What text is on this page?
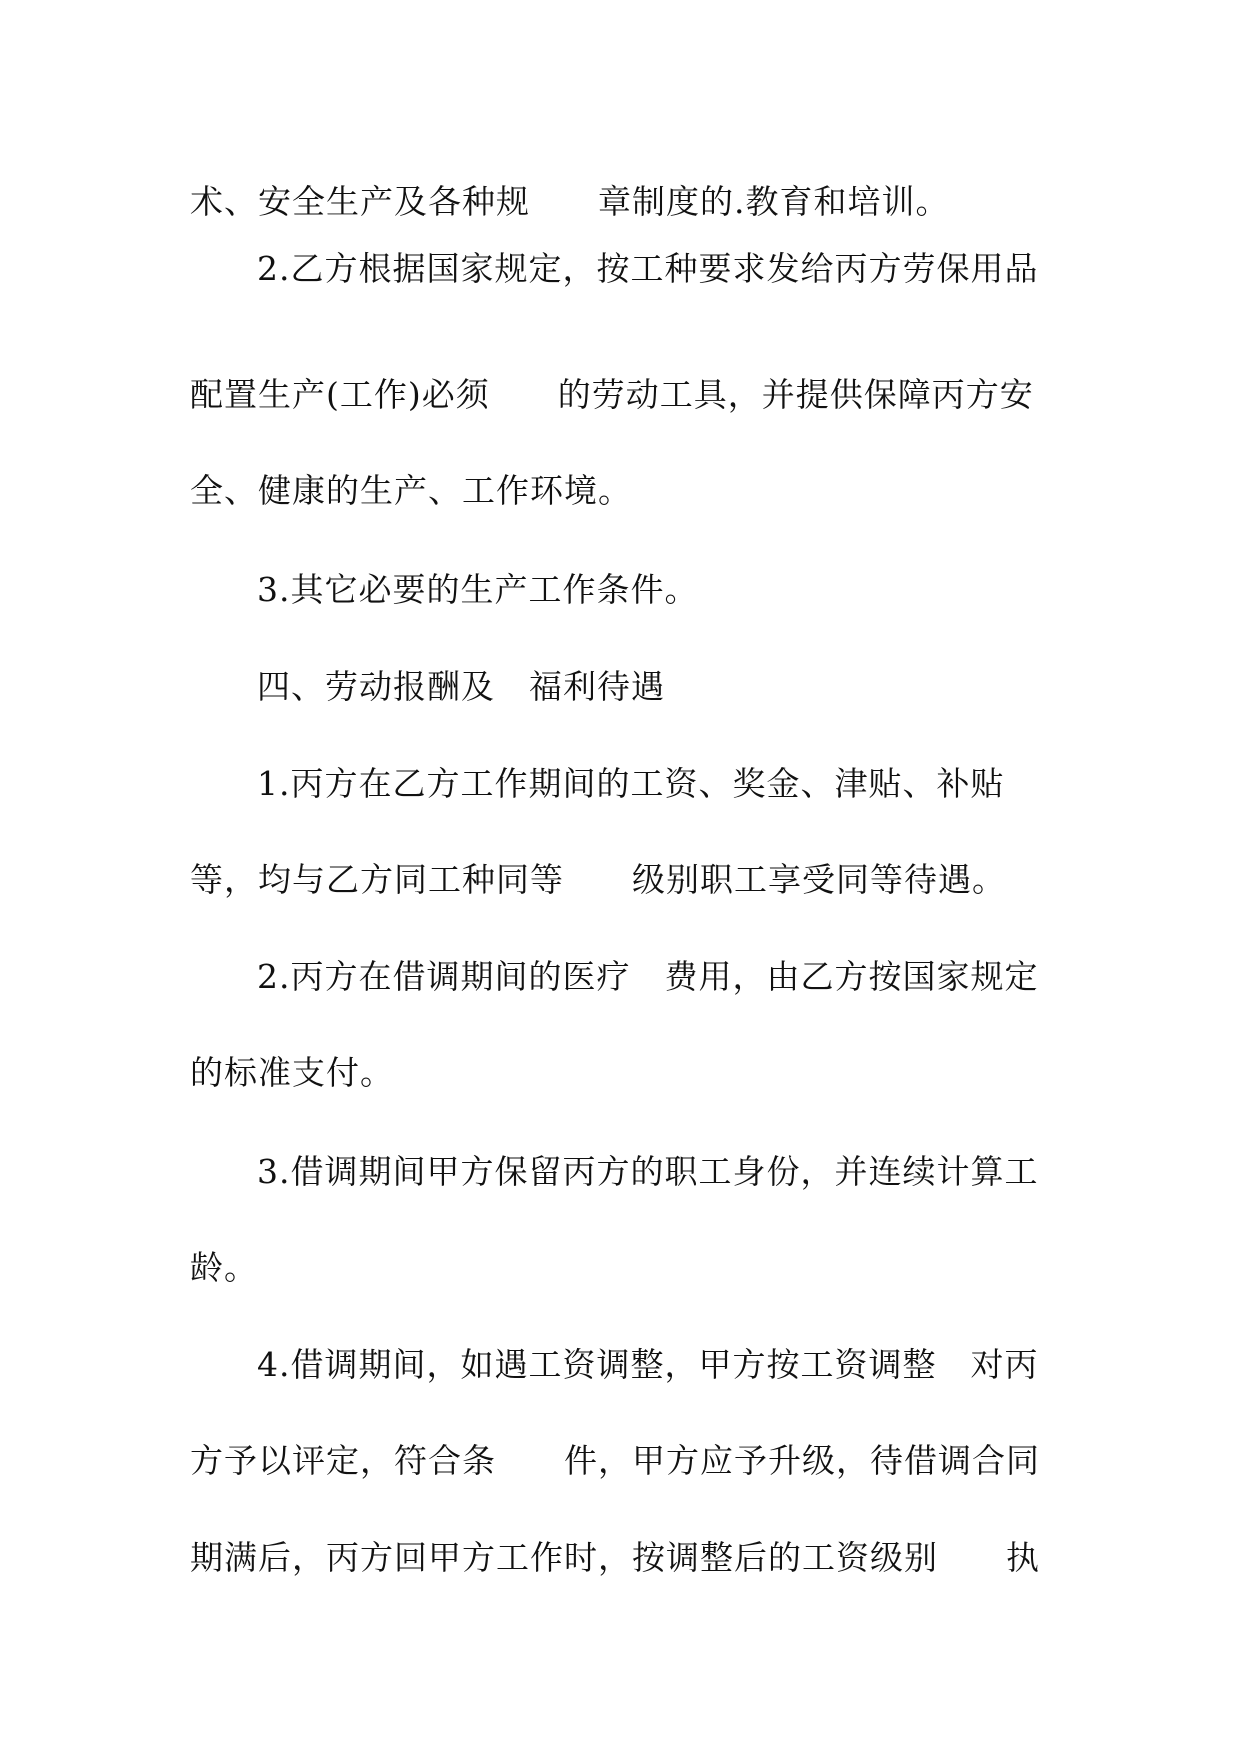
术、安全生产及各种规　　章制度的.教育和培训。
2.乙方根据国家规定，按工种要求发给丙方劳保用品
配置生产(工作)必须　　的劳动工具，并提供保障丙方安
全、健康的生产、工作环境。
3.其它必要的生产工作条件。
四、劳动报酬及　福利待遇
1.丙方在乙方工作期间的工资、奖金、津贴、补贴
等，均与乙方同工种同等　　级别职工享受同等待遇。
2.丙方在借调期间的医疗　费用，由乙方按国家规定
的标准支付。
3.借调期间甲方保留丙方的职工身份，并连续计算工
龄。
4.借调期间，如遇工资调整，甲方按工资调整　对丙
方予以评定，符合条　　件，甲方应予升级，待借调合同
期满后，丙方回甲方工作时，按调整后的工资级别　　执
